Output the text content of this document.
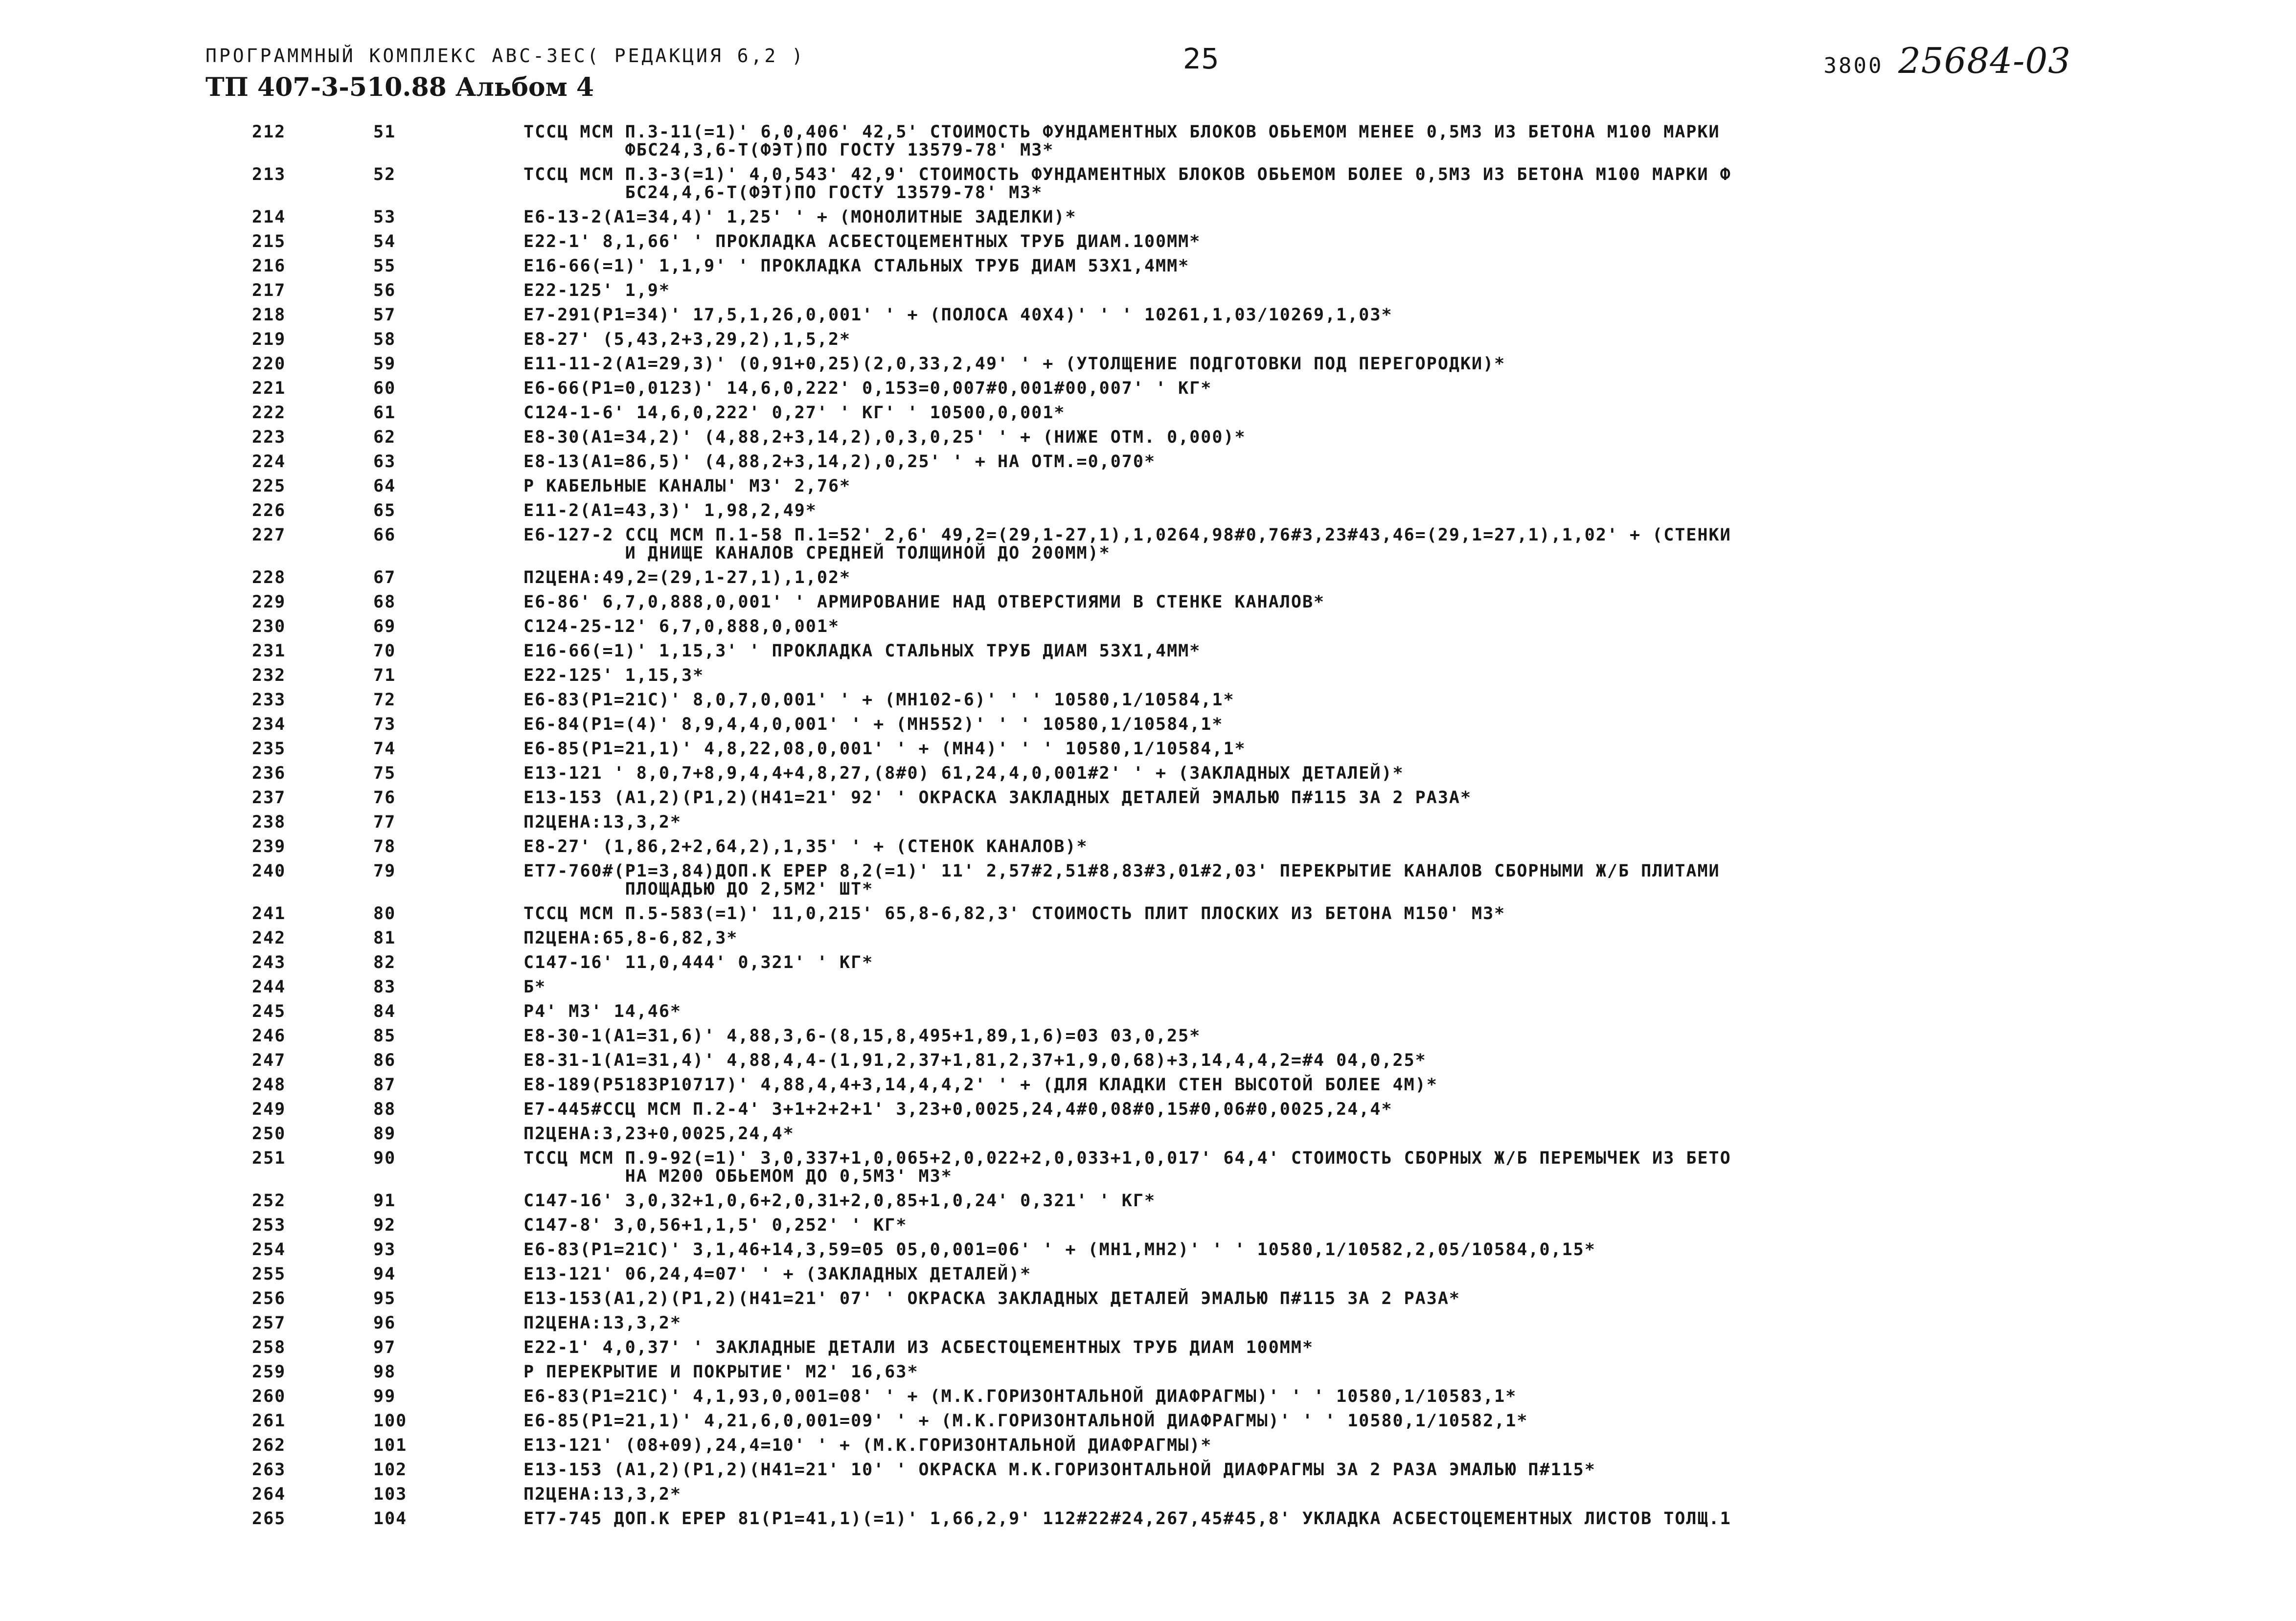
ПРОГРАММНЫЙ КОМПЛЕКС АВС-3ЕС ( РЕДАКЦИЯ 6,2 )	25	3800 25684-03
ТП 407-3-510.88 Альбом 4
212	51	ТССЦ МСМ П.3-11(=1)' 6,0,406' 42,5' СТОИМОСТЬ ФУНДАМЕНТНЫХ БЛОКОВ ОБЬЕМОМ МЕНЕЕ 0,5М3 ИЗ БЕТОНА М100 МАРКИ
ФБС24,3,6-Т(ФЭТ)ПО ГОСТУ 13579-78' М3*
213	52	ТССЦ МСМ П.3-3(=1)' 4,0,543' 42,9' СТОИМОСТЬ ФУНДАМЕНТНЫХ БЛОКОВ ОБЬЕМОМ БОЛЕЕ 0,5М3 ИЗ БЕТОНА М100 МАРКИ Ф
БС24,4,6-Т(ФЭТ)ПО ГОСТУ 13579-78' М3*
214	53	Е6-13-2(А1=34,4)' 1,25' ' + (МОНОЛИТНЫЕ ЗАДЕЛКИ)*
215	54	Е22-1' 8,1,66' ' ПРОКЛАДКА АСБЕСТОЦЕМЕНТНЫХ ТРУБ ДИАМ.100ММ*
216	55	Е16-66(=1)' 1,1,9' ' ПРОКЛАДКА СТАЛЬНЫХ ТРУБ ДИАМ 53Х1,4ММ*
217	56	Е22-125' 1,9*
218	57	Е7-291(Р1=34)' 17,5,1,26,0,001' ' + (ПОЛОСА 40Х4)' ' ' 10261,1,03/10269,1,03*
219	58	Е8-27' (5,43,2+3,29,2),1,5,2*
220	59	Е11-11-2(А1=29,3)' (0,91+0,25)(2,0,33,2,49' ' + (УТОЛЩЕНИЕ ПОДГОТОВКИ ПОД ПЕРЕГОРОДКИ)*
221	60	Е6-66(Р1=0,0123)' 14,6,0,222' 0,153=0,007#0,001#00,007' ' КГ*
222	61	С124-1-6' 14,6,0,222' 0,27' ' КГ' ' 10500,0,001*
223	62	Е8-30(А1=34,2)' (4,88,2+3,14,2),0,3,0,25' ' + (НИЖЕ ОТМ. 0,000)*
224	63	Е8-13(А1=86,5)' (4,88,2+3,14,2),0,25' ' + НА ОТМ.=0,070*
225	64	Р КАБЕЛЬНЫЕ КАНАЛЫ' М3' 2,76*
226	65	Е11-2(А1=43,3)' 1,98,2,49*
227	66	Е6-127-2 ССЦ МСМ П.1-58 П.1=52' 2,6' 49,2=(29,1-27,1),1,0264,98#0,76#3,23#43,46=(29,1=27,1),1,02' + (СТЕНКИ
И ДНИЩЕ КАНАЛОВ СРЕДНЕЙ ТОЛЩИНОЙ ДО 200ММ)*
228	67	П2ЦЕНА:49,2=(29,1-27,1),1,02*
229	68	Е6-86' 6,7,0,888,0,001' ' АРМИРОВАНИЕ НАД ОТВЕРСТИЯМИ В СТЕНКЕ КАНАЛОВ*
230	69	С124-25-12' 6,7,0,888,0,001*
231	70	Е16-66(=1)' 1,15,3' ' ПРОКЛАДКА СТАЛЬНЫХ ТРУБ ДИАМ 53Х1,4ММ*
232	71	Е22-125' 1,15,3*
233	72	Е6-83(Р1=21С)' 8,0,7,0,001' ' + (МН102-6)' ' ' 10580,1/10584,1*
234	73	Е6-84(Р1=(4)' 8,9,4,4,0,001' ' + (МН552)' ' ' 10580,1/10584,1*
235	74	Е6-85(Р1=21,1)' 4,8,22,08,0,001' ' + (МН4)' ' ' 10580,1/10584,1*
236	75	Е13-121 ' 8,0,7+8,9,4,4+4,8,27,(8#0) 61,24,4,0,001#2' ' + (ЗАКЛАДНЫХ ДЕТАЛЕЙ)*
237	76	Е13-153 (А1,2)(Р1,2)(Н41=21' 92' ' ОКРАСКА ЗАКЛАДНЫХ ДЕТАЛЕЙ ЭМАЛЬЮ П#115 ЗА 2 РАЗА*
238	77	П2ЦЕНА:13,3,2*
239	78	Е8-27' (1,86,2+2,64,2),1,35' ' + (СТЕНОК КАНАЛОВ)*
240	79	ЕТ7-760#(Р1=3,84)ДОП.К ЕРЕР 8,2(=1)' 11' 2,57#2,51#8,83#3,01#2,03' ПЕРЕКРЫТИЕ КАНАЛОВ СБОРНЫМИ Ж/Б ПЛИТАМИ
ПЛОЩАДЬЮ ДО 2,5М2' ШТ*
241	80	ТССЦ МСМ П.5-583(=1)' 11,0,215' 65,8-6,82,3' СТОИМОСТЬ ПЛИТ ПЛОСКИХ ИЗ БЕТОНА М150' М3*
242	81	П2ЦЕНА:65,8-6,82,3*
243	82	С147-16' 11,0,444' 0,321' ' КГ*
244	83	Б*
245	84	Р4' М3' 14,46*
246	85	Е8-30-1(А1=31,6)' 4,88,3,6-(8,15,8,495+1,89,1,6)=03 03,0,25*
247	86	Е8-31-1(А1=31,4)' 4,88,4,4-(1,91,2,37+1,81,2,37+1,9,0,68)+3,14,4,4,2=#4 04,0,25*
248	87	Е8-189(Р5183Р10717)' 4,88,4,4+3,14,4,4,2' ' + (ДЛЯ КЛАДКИ СТЕН ВЫСОТОЙ БОЛЕЕ 4М)*
249	88	Е7-445#ССЦ МСМ П.2-4' 3+1+2+2+1' 3,23+0,0025,24,4#0,08#0,15#0,06#0,0025,24,4*
250	89	П2ЦЕНА:3,23+0,0025,24,4*
251	90	ТССЦ МСМ П.9-92(=1)' 3,0,337+1,0,065+2,0,022+2,0,033+1,0,017' 64,4' СТОИМОСТЬ СБОРНЫХ Ж/Б ПЕРЕМЫЧЕК ИЗ БЕТО
НА М200 ОБЬЕМОМ ДО 0,5М3' М3*
252	91	С147-16' 3,0,32+1,0,6+2,0,31+2,0,85+1,0,24' 0,321' ' КГ*
253	92	С147-8' 3,0,56+1,1,5' 0,252' ' КГ*
254	93	Е6-83(Р1=21С)' 3,1,46+14,3,59=05 05,0,001=06' ' + (МН1,МН2)' ' ' 10580,1/10582,2,05/10584,0,15*
255	94	Е13-121' 06,24,4=07' ' + (ЗАКЛАДНЫХ ДЕТАЛЕЙ)*
256	95	Е13-153(А1,2)(Р1,2)(Н41=21' 07' ' ОКРАСКА ЗАКЛАДНЫХ ДЕТАЛЕЙ ЭМАЛЬЮ П#115 ЗА 2 РАЗА*
257	96	П2ЦЕНА:13,3,2*
258	97	Е22-1' 4,0,37' ' ЗАКЛАДНЫЕ ДЕТАЛИ ИЗ АСБЕСТОЦЕМЕНТНЫХ ТРУБ ДИАМ 100ММ*
259	98	Р ПЕРЕКРЫТИЕ И ПОКРЫТИЕ' М2' 16,63*
260	99	Е6-83(Р1=21С)' 4,1,93,0,001=08' ' + (М.К.ГОРИЗОНТАЛЬНОЙ ДИАФРАГМЫ)' ' ' 10580,1/10583,1*
261	100	Е6-85(Р1=21,1)' 4,21,6,0,001=09' ' + (М.К.ГОРИЗОНТАЛЬНОЙ ДИАФРАГМЫ)' ' ' 10580,1/10582,1*
262	101	Е13-121' (08+09),24,4=10' ' + (М.К.ГОРИЗОНТАЛЬНОЙ ДИАФРАГМЫ)*
263	102	Е13-153 (А1,2)(Р1,2)(Н41=21' 10' ' ОКРАСКА М.К.ГОРИЗОНТАЛЬНОЙ ДИАФРАГМЫ ЗА 2 РАЗА ЭМАЛЬЮ П#115*
264	103	П2ЦЕНА:13,3,2*
265	104	ЕТ7-745 ДОП.К ЕРЕР 81(Р1=41,1)(=1)' 1,66,2,9' 112#22#24,267,45#45,8' УКЛАДКА АСБЕСТОЦЕМЕНТНЫХ ЛИСТОВ ТОЛЩ.1
